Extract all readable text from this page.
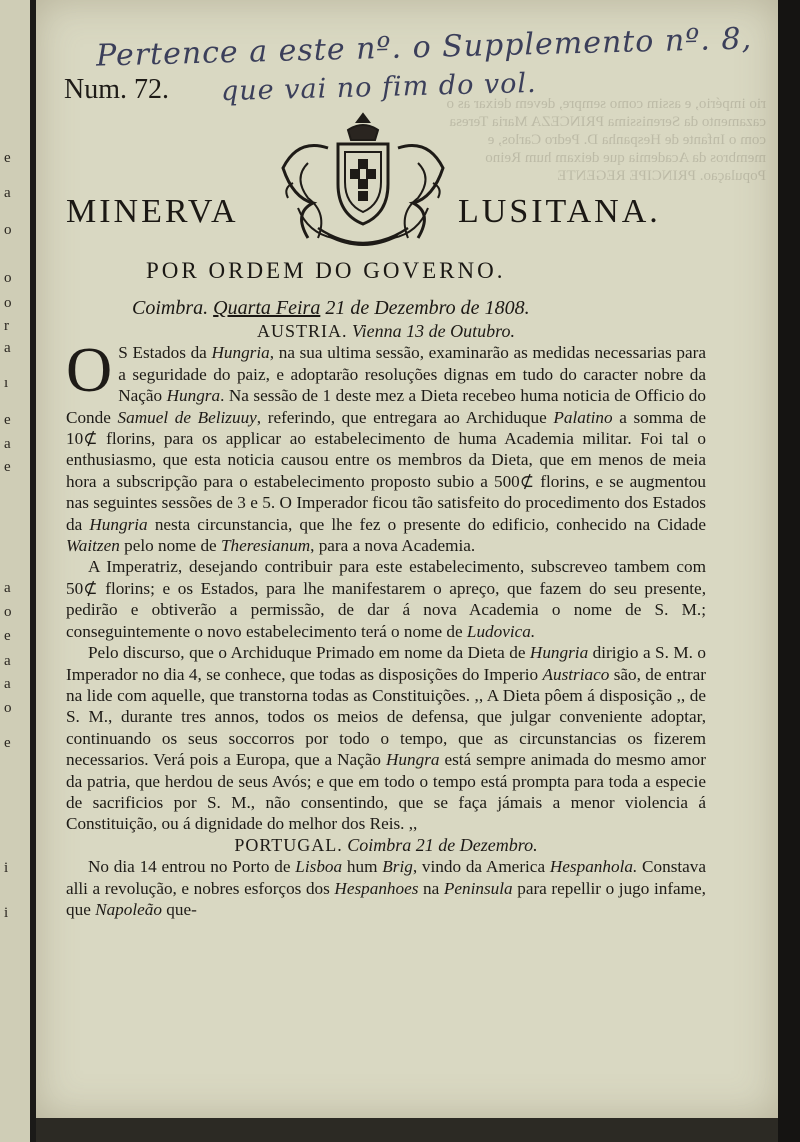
e
a
o
o
o
r
a
ı
e
a
e
a
o
e
a
a
o
e
i
i
Pertence a este nº. o Supplemento nº. 8,
que vai no fim do vol.
Num. 72.	rio império, e assim como sempre, devem deixar as o cazamento da Serenissima PRINCEZA Maria Teresa com o Infante de Hespanha D. Pedro Carlos, e membros da Academia que deixam hum Reino Populaçao. PRINCIPE REGENTE
MINERVA	LUSITANA.
POR ORDEM DO GOVERNO.
Coimbra. Quarta Feira 21 de Dezembro de 1808.

AUSTRIA. Vienna 13 de Outubro.

O S Estados da Hungria, na sua ultima sessão, examinarão as medidas necessarias para a seguridade do paiz, e adoptarão resoluções dignas em tudo do caracter nobre da Nação Hungra. Na sessão de 1 deste mez a Dieta recebeo huma noticia de Officio do Conde Samuel de Belizuuy, referindo, que entregara ao Archiduque Palatino a somma de 10⊄ florins, para os applicar ao estabelecimento de huma Academia militar. Foi tal o enthusiasmo, que esta noticia causou entre os membros da Dieta, que em menos de meia hora a subscripção para o estabelecimento proposto subio a 500⊄ florins, e se augmentou nas seguintes sessões de 3 e 5. O Imperador ficou tão satisfeito do procedimento dos Estados da Hungria nesta circunstancia, que lhe fez o presente do edificio, conhecido na Cidade Waitzen pelo nome de Theresianum, para a nova Academia.

A Imperatriz, desejando contribuir para este estabelecimento, subscreveo tambem com 50⊄ florins; e os Estados, para lhe manifestarem o apreço, que fazem do seu presente, pedirão e obtiverão a permissão, de dar á nova Academia o nome de S. M.; conseguintemente o novo estabelecimento terá o nome de Ludovica.

Pelo discurso, que o Archiduque Primado em nome da Dieta de Hungria dirigio a S. M. o Imperador no dia 4, se conhece, que todas as disposições do Imperio Austriaco são, de entrar na lide com aquelle, que transtorna todas as Constituições. ,, A Dieta pôem á disposição ,, de S. M., durante tres annos, todos os meios de defensa, que julgar conveniente adoptar, continuando os seus soccorros por todo o tempo, que as circunstancias os fizerem necessarios. Verá pois a Europa, que a Nação Hungra está sempre animada do mesmo amor da patria, que herdou de seus Avós; e que em todo o tempo está prompta para toda a especie de sacrificios por S. M., não consentindo, que se faça jámais a menor violencia á Constituição, ou á dignidade do melhor dos Reis. ,,

PORTUGAL. Coimbra 21 de Dezembro.

No dia 14 entrou no Porto de Lisboa hum Brig, vindo da America Hespanhola. Constava alli a revolução, e nobres esforços dos Hespanhoes na Peninsula para repellir o jugo infame, que Napoleão que-
